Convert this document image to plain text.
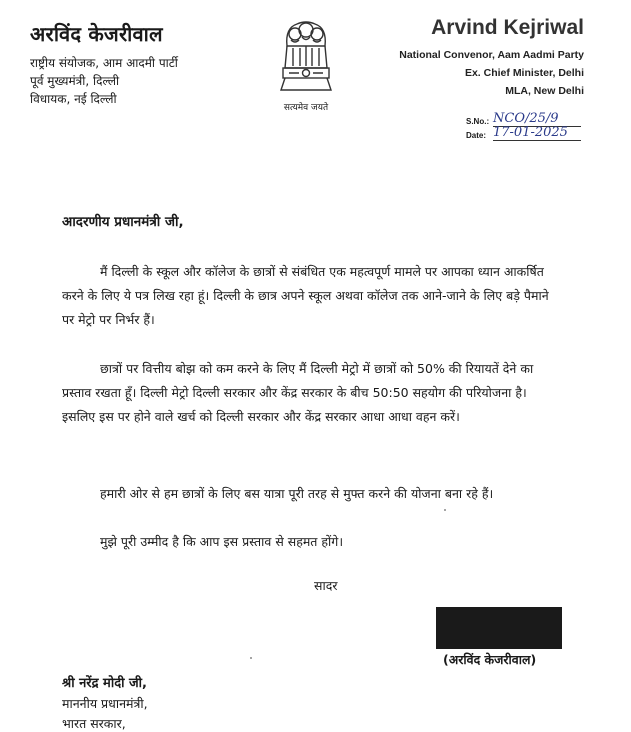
अरविंद केजरीवाल
राष्ट्रीय संयोजक, आम आदमी पार्टी
पूर्व मुख्यमंत्री, दिल्ली
विधायक, नई दिल्ली
सत्यमेव जयते
Arvind Kejriwal
National Convenor, Aam Aadmi Party
Ex. Chief Minister, Delhi
MLA, New Delhi
S.No.: NCO/25/9
Date: 17-01-2025
आदरणीय प्रधानमंत्री जी,
मैं दिल्ली के स्कूल और कॉलेज के छात्रों से संबंधित एक महत्वपूर्ण मामले पर आपका ध्यान आकर्षित करने के लिए ये पत्र लिख रहा हूं। दिल्ली के छात्र अपने स्कूल अथवा कॉलेज तक आने-जाने के लिए बड़े पैमाने पर मेट्रो पर निर्भर हैं।
छात्रों पर वित्तीय बोझ को कम करने के लिए मैं दिल्ली मेट्रो में छात्रों को 50% की रियायतें देने का प्रस्ताव रखता हूँ। दिल्ली मेट्रो दिल्ली सरकार और केंद्र सरकार के बीच 50:50 सहयोग की परियोजना है। इसलिए इस पर होने वाले खर्च को दिल्ली सरकार और केंद्र सरकार आधा आधा वहन करें।
हमारी ओर से हम छात्रों के लिए बस यात्रा पूरी तरह से मुफ्त करने की योजना बना रहे हैं।
मुझे पूरी उम्मीद है कि आप इस प्रस्ताव से सहमत होंगे।
सादर
(अरविंद केजरीवाल)
श्री नरेंद्र मोदी जी,
माननीय प्रधानमंत्री,
भारत सरकार,
